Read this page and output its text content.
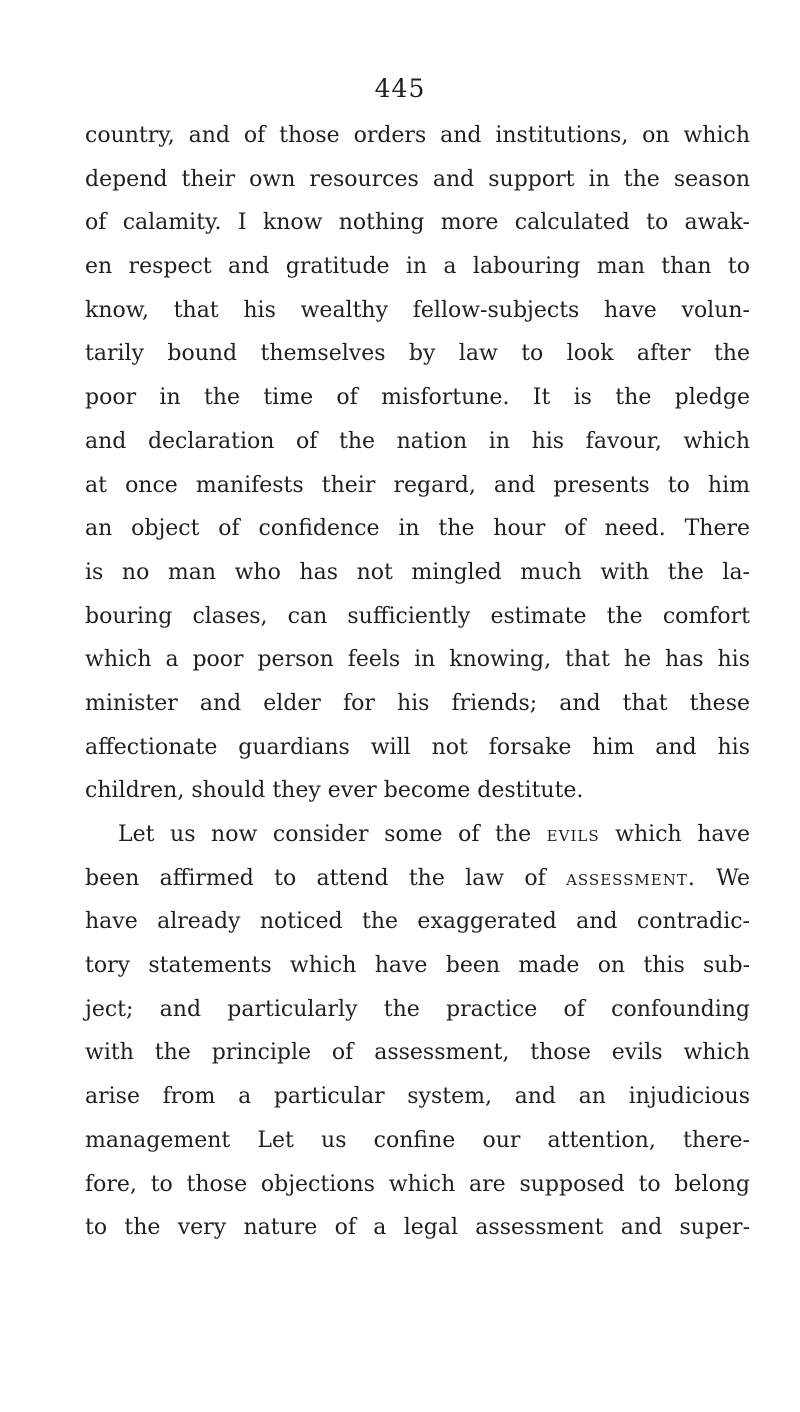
445
country, and of those orders and institutions, on which
depend their own resources and support in the season
of calamity. I know nothing more calculated to awak-
en respect and gratitude in a labouring man than to
know, that his wealthy fellow-subjects have volun-
tarily bound themselves by law to look after the
poor in the time of misfortune. It is the pledge
and declaration of the nation in his favour, which
at once manifests their regard, and presents to him
an object of confidence in the hour of need. There
is no man who has not mingled much with the la-
bouring clases, can sufficiently estimate the comfort
which a poor person feels in knowing, that he has his
minister and elder for his friends; and that these
affectionate guardians will not forsake him and his
children, should they ever become destitute.
Let us now consider some of the evils which have
been affirmed to attend the law of assessment. We
have already noticed the exaggerated and contradic-
tory statements which have been made on this sub-
ject; and particularly the practice of confounding
with the principle of assessment, those evils which
arise from a particular system, and an injudicious
management Let us confine our attention, there-
fore, to those objections which are supposed to belong
to the very nature of a legal assessment and super-
